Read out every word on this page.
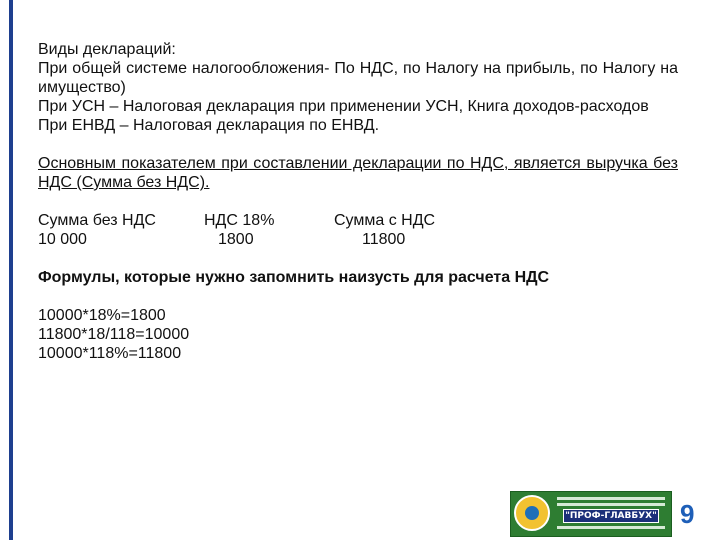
Виды деклараций:

При общей системе налогообложения- По НДС, по Налогу на прибыль, по Налогу на имущество)

При УСН – Налоговая декларация при применении УСН, Книга доходов-расходов

При ЕНВД – Налоговая декларация по ЕНВД.

Основным показателем при составлении декларации по НДС, является выручка без НДС (Сумма без НДС).

Сумма без НДС
10 000
НДС 18%
1800
Сумма с НДС
11800

Формулы, которые нужно запомнить наизусть для расчета НДС

10000*18%=1800

11800*18/118=10000

10000*118%=11800

"ПРОФ-ГЛАВБУХ" 9
